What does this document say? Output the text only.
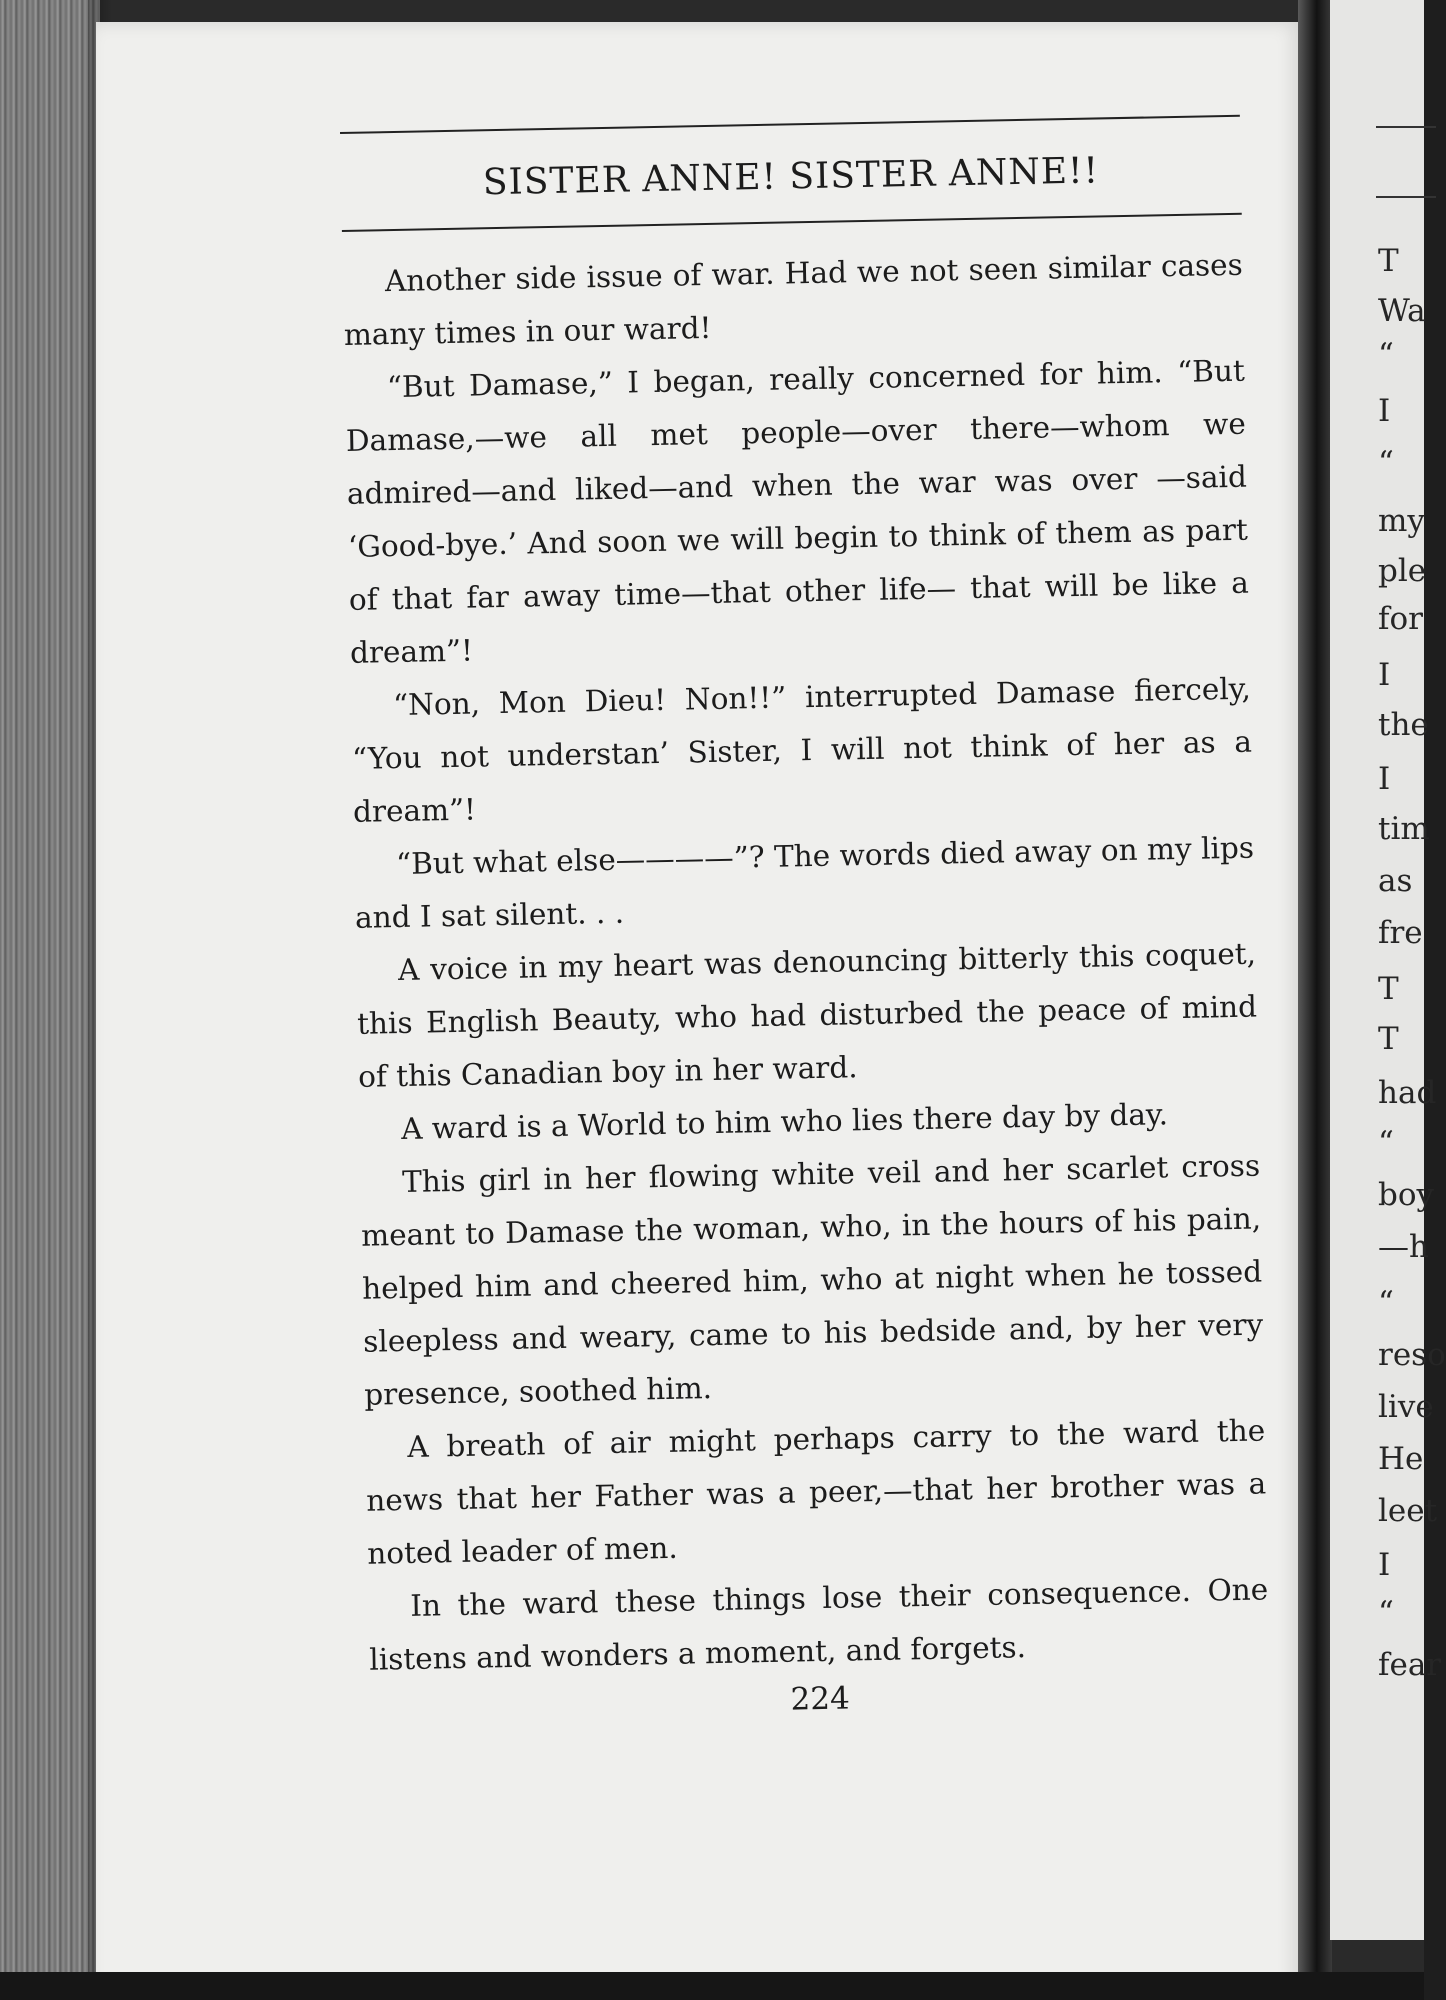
SISTER ANNE! SISTER ANNE!!

Another side issue of war. Had we not seen similar cases many times in our ward!

“But Damase,” I began, really concerned for him. “But Damase,—we all met people—over there—whom we admired—and liked—and when the war was over —said ‘Good-bye.’ And soon we will begin to think of them as part of that far away time—that other life— that will be like a dream”!

“Non, Mon Dieu! Non!!” interrupted Damase fiercely, “You not understan’ Sister, I will not think of her as a dream”!

“But what else————”? The words died away on my lips and I sat silent. . .

A voice in my heart was denouncing bitterly this coquet, this English Beauty, who had disturbed the peace of mind of this Canadian boy in her ward.

A ward is a World to him who lies there day by day.

This girl in her flowing white veil and her scarlet cross meant to Damase the woman, who, in the hours of his pain, helped him and cheered him, who at night when he tossed sleepless and weary, came to his bedside and, by her very presence, soothed him.

A breath of air might perhaps carry to the ward the news that her Father was a peer,—that her brother was a noted leader of men.

In the ward these things lose their consequence. One listens and wonders a moment, and forgets.

224
T
Wa
“
I
“
my
ple
for
I
the
I
tim
as
fre
T
T
had
“
boy
—h
“
reso
live
He
leet
I
“
fear
